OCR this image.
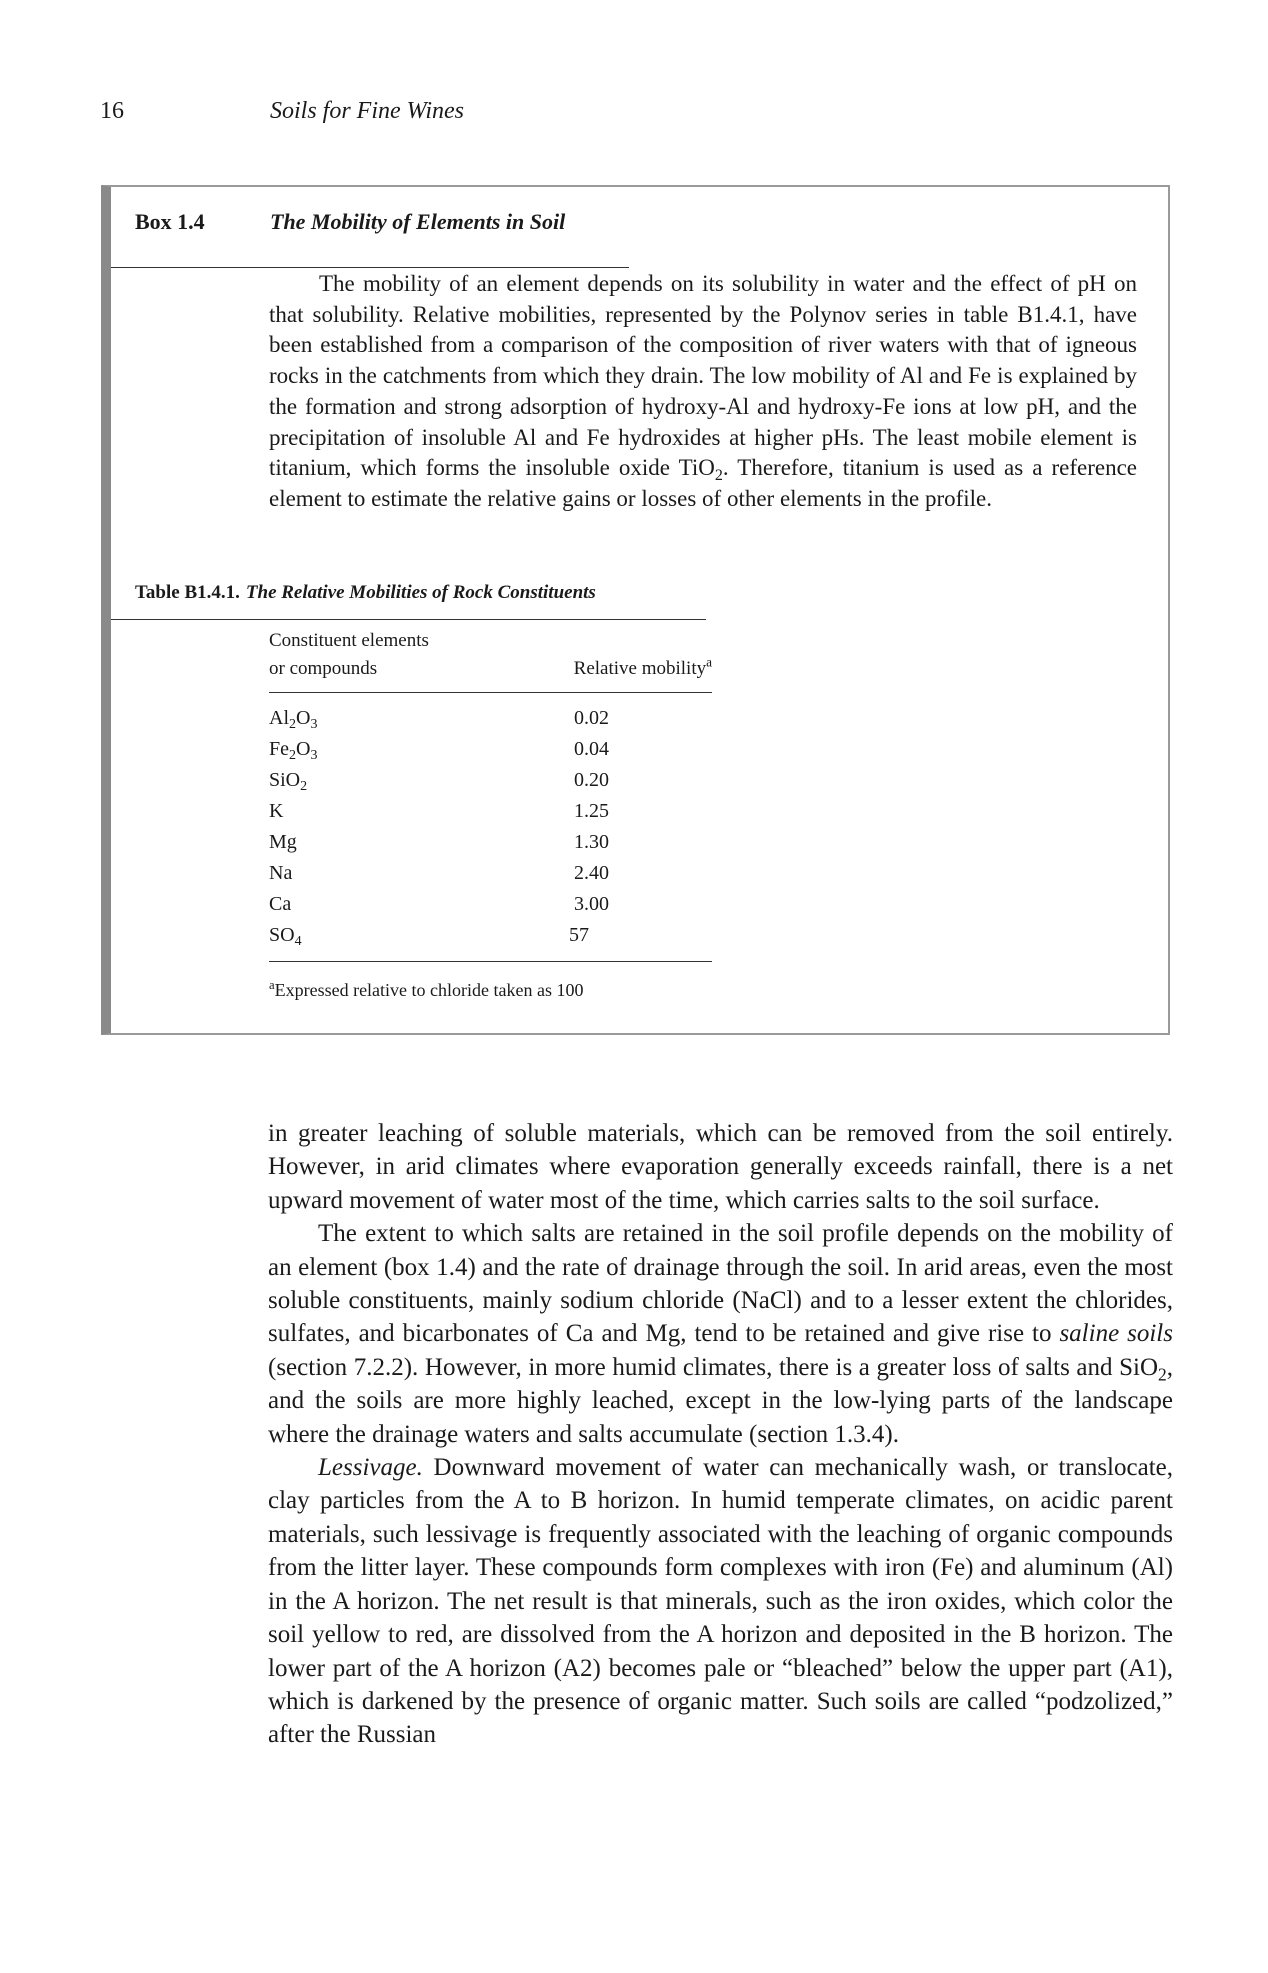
16	Soils for Fine Wines
Box 1.4	The Mobility of Elements in Soil

The mobility of an element depends on its solubility in water and the effect of pH on that solubility. Relative mobilities, represented by the Polynov series in table B1.4.1, have been established from a comparison of the composition of river waters with that of igneous rocks in the catchments from which they drain. The low mobility of Al and Fe is explained by the formation and strong adsorption of hydroxy-Al and hydroxy-Fe ions at low pH, and the precipitation of insoluble Al and Fe hydroxides at higher pHs. The least mobile element is titanium, which forms the insoluble oxide TiO$_2$. Therefore, titanium is used as a reference element to estimate the relative gains or losses of other elements in the profile.

Table B1.4.1. The Relative Mobilities of Rock Constituents
Constituent elements
or compounds	Relative mobility$^a$
$Al_2O_3$	0.02
$Fe_2O_3$	0.04
SiO$_2$	0.20
K	1.25
Mg	1.30
Na	2.40
Ca	3.00
$SO_4$	57
$^a$Expressed relative to chloride taken as 100

in greater leaching of soluble materials, which can be removed from the soil entirely. However, in arid climates where evaporation generally exceeds rainfall, there is a net upward movement of water most of the time, which carries salts to the soil surface.

The extent to which salts are retained in the soil profile depends on the mobility of an element (box 1.4) and the rate of drainage through the soil. In arid areas, even the most soluble constituents, mainly sodium chloride (NaCl) and to a lesser extent the chlorides, sulfates, and bicarbonates of Ca and Mg, tend to be retained and give rise to saline soils (section 7.2.2). However, in more humid climates, there is a greater loss of salts and SiO$_2$, and the soils are more highly leached, except in the low-lying parts of the landscape where the drainage waters and salts accumulate (section 1.3.4).

Lessivage. Downward movement of water can mechanically wash, or translocate, clay particles from the A to B horizon. In humid temperate climates, on acidic parent materials, such lessivage is frequently associated with the leaching of organic compounds from the litter layer. These compounds form complexes with iron (Fe) and aluminum (Al) in the A horizon. The net result is that minerals, such as the iron oxides, which color the soil yellow to red, are dissolved from the A horizon and deposited in the B horizon. The lower part of the A horizon (A2) becomes pale or “bleached” below the upper part (A1), which is darkened by the presence of organic matter. Such soils are called “podzolized,” after the Russian
